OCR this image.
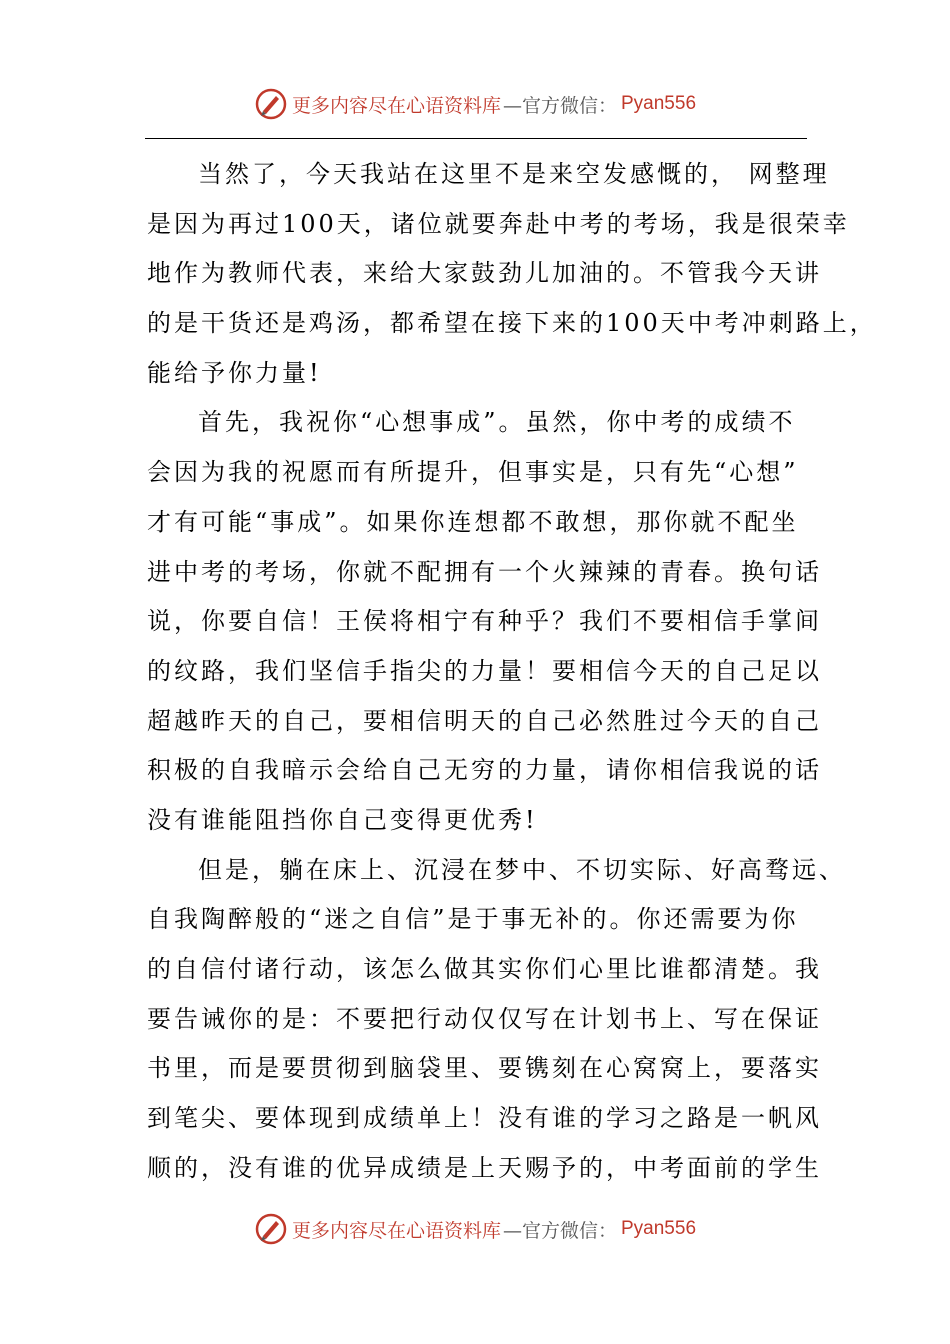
更多内容尽在心语资料库 —官方微信： Pyan556
当然了，今天我站在这里不是来空发感慨的， 网整理
是因为再过100天，诸位就要奔赴中考的考场，我是很荣幸
地作为教师代表，来给大家鼓劲儿加油的。不管我今天讲
的是干货还是鸡汤，都希望在接下来的100天中考冲刺路上，
能给予你力量!
首先，我祝你“心想事成”。虽然，你中考的成绩不
会因为我的祝愿而有所提升，但事实是，只有先“心想”
才有可能“事成”。如果你连想都不敢想，那你就不配坐
进中考的考场，你就不配拥有一个火辣辣的青春。换句话
说，你要自信！王侯将相宁有种乎？我们不要相信手掌间
的纹路，我们坚信手指尖的力量！要相信今天的自己足以
超越昨天的自己，要相信明天的自己必然胜过今天的自己
积极的自我暗示会给自己无穷的力量，请你相信我说的话
没有谁能阻挡你自己变得更优秀!
但是，躺在床上、沉浸在梦中、不切实际、好高骛远、
自我陶醉般的“迷之自信”是于事无补的。你还需要为你
的自信付诸行动，该怎么做其实你们心里比谁都清楚。我
要告诫你的是：不要把行动仅仅写在计划书上、写在保证
书里，而是要贯彻到脑袋里、要镌刻在心窝窝上，要落实
到笔尖、要体现到成绩单上！没有谁的学习之路是一帆风
顺的，没有谁的优异成绩是上天赐予的，中考面前的学生
更多内容尽在心语资料库 —官方微信： Pyan556
